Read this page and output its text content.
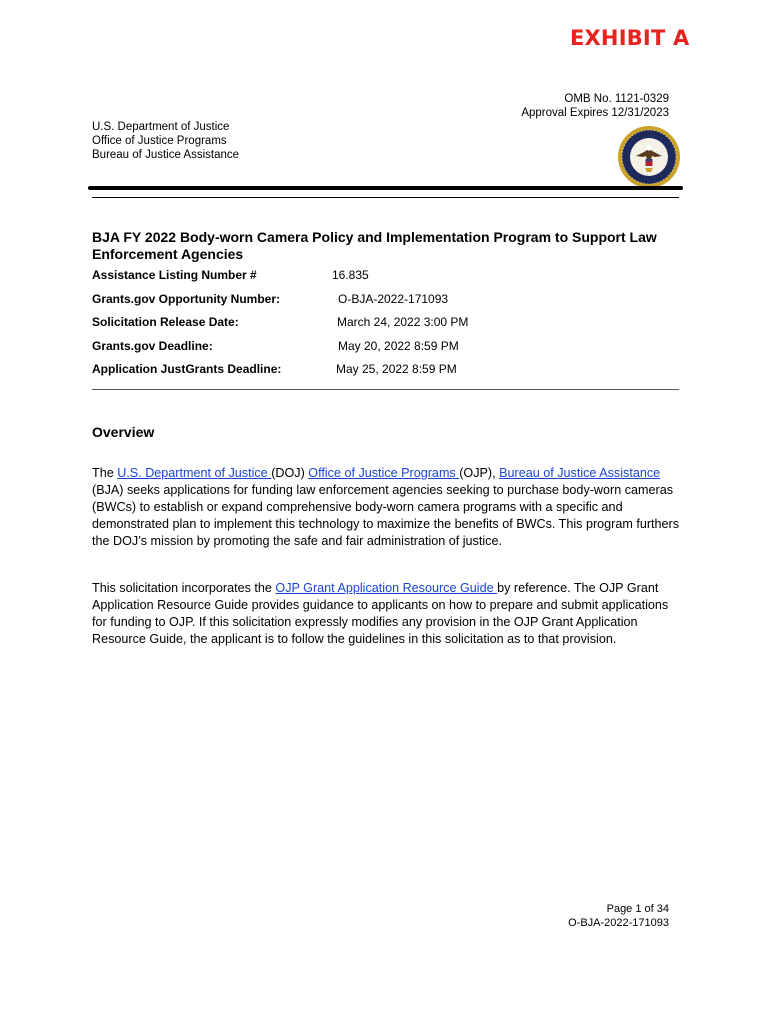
EXHIBIT A
OMB No. 1121-0329
Approval Expires 12/31/2023
U.S. Department of Justice
Office of Justice Programs
Bureau of Justice Assistance
BJA FY 2022 Body-worn Camera Policy and Implementation Program to Support Law Enforcement Agencies
Assistance Listing Number #	16.835
Grants.gov Opportunity Number:	O-BJA-2022-171093
Solicitation Release Date:	March 24, 2022 3:00 PM
Grants.gov Deadline:	May 20, 2022 8:59 PM
Application JustGrants Deadline:	May 25, 2022 8:59 PM
Overview

The U.S. Department of Justice (DOJ) Office of Justice Programs (OJP), Bureau of Justice Assistance (BJA) seeks applications for funding law enforcement agencies seeking to purchase body-worn cameras (BWCs) to establish or expand comprehensive body-worn camera programs with a specific and demonstrated plan to implement this technology to maximize the benefits of BWCs. This program furthers the DOJ’s mission by promoting the safe and fair administration of justice.

This solicitation incorporates the OJP Grant Application Resource Guide by reference. The OJP Grant Application Resource Guide provides guidance to applicants on how to prepare and submit applications for funding to OJP. If this solicitation expressly modifies any provision in the OJP Grant Application Resource Guide, the applicant is to follow the guidelines in this solicitation as to that provision.

Page 1 of 34
O-BJA-2022-171093
